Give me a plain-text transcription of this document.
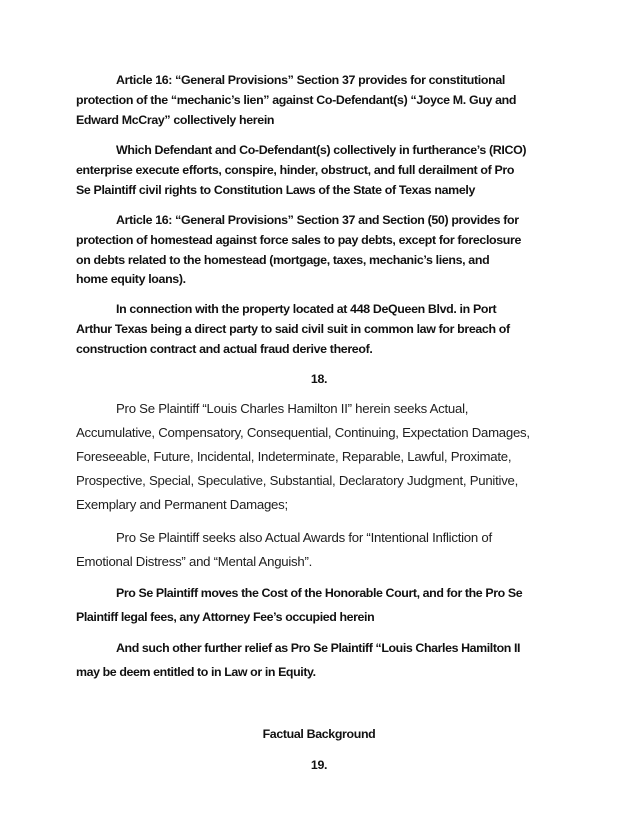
Article 16: “General Provisions” Section 37 provides for constitutional
protection of the “mechanic’s lien” against Co-Defendant(s) “Joyce M. Guy and
Edward McCray” collectively herein
Which Defendant and Co-Defendant(s) collectively in furtherance’s (RICO)
enterprise execute efforts, conspire, hinder, obstruct, and full derailment of Pro
Se Plaintiff civil rights to Constitution Laws of the State of Texas namely
Article 16: “General Provisions” Section 37 and Section (50) provides for
protection of homestead against force sales to pay debts, except for foreclosure
on debts related to the homestead (mortgage, taxes, mechanic’s liens, and
home equity loans).
In connection with the property located at 448 DeQueen Blvd. in Port
Arthur Texas being a direct party to said civil suit in common law for breach of
construction contract and actual fraud derive thereof.
18.
Pro Se Plaintiff “Louis Charles Hamilton II” herein seeks Actual,
Accumulative, Compensatory, Consequential, Continuing, Expectation Damages,
Foreseeable, Future, Incidental, Indeterminate, Reparable, Lawful, Proximate,
Prospective, Special, Speculative, Substantial, Declaratory Judgment, Punitive,
Exemplary and Permanent Damages;
Pro Se Plaintiff seeks also Actual Awards for “Intentional Infliction of
Emotional Distress” and “Mental Anguish”.
Pro Se Plaintiff moves the Cost of the Honorable Court, and for the Pro Se
Plaintiff legal fees, any Attorney Fee’s occupied herein
And such other further relief as Pro Se Plaintiff “Louis Charles Hamilton II
may be deem entitled to in Law or in Equity.
Factual Background
19.
